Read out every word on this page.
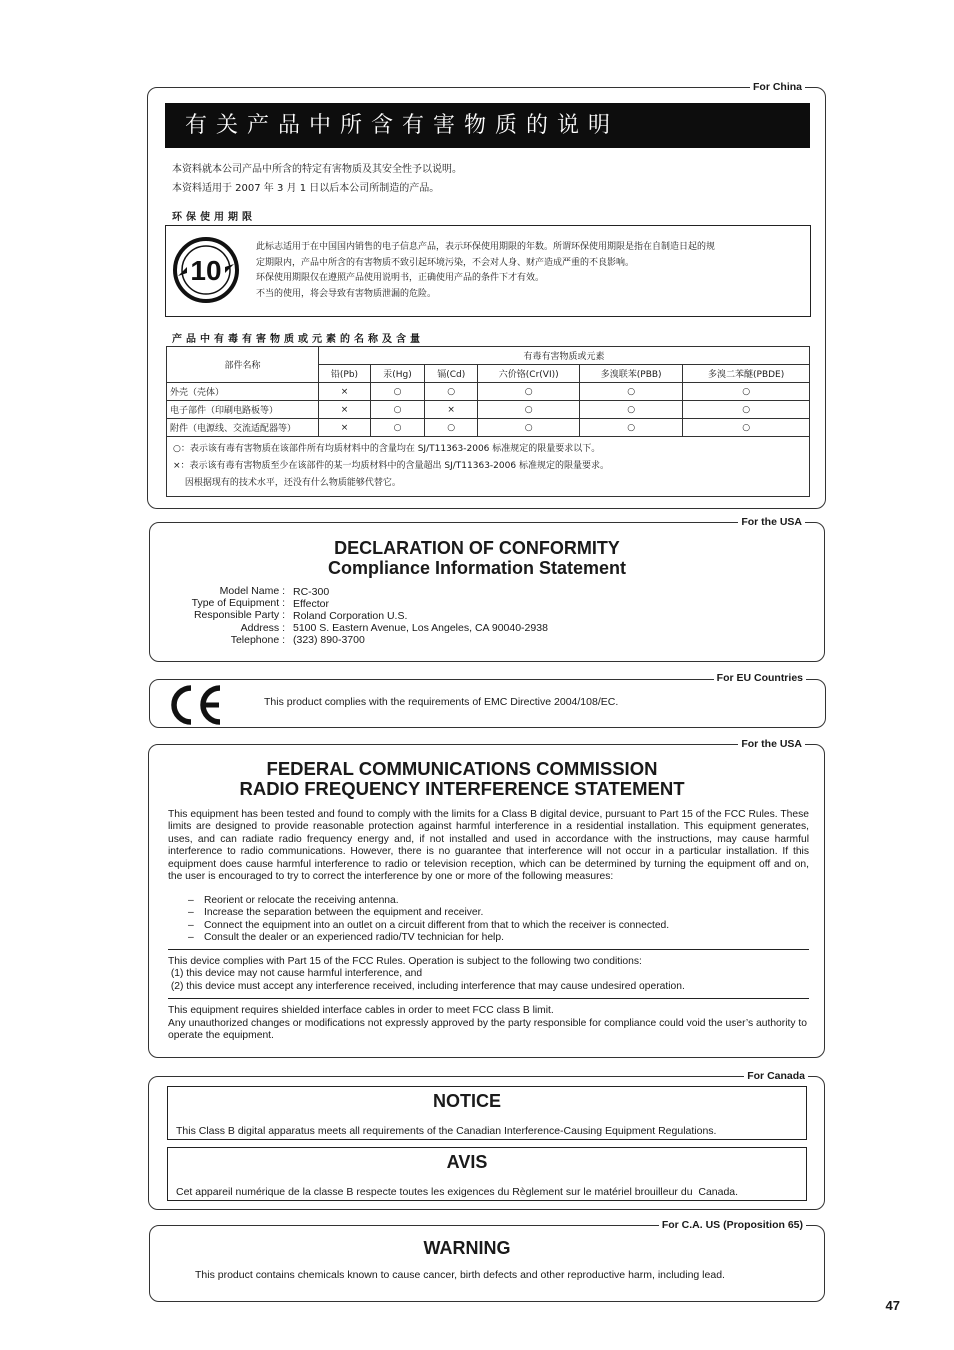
For China
有关产品中所含有害物质的说明
本资料就本公司产品中所含的特定有害物质及其安全性予以说明。
本资料适用于 2007 年 3 月 1 日以后本公司所制造的产品。
环保使用期限
10
此标志适用于在中国国内销售的电子信息产品，表示环保使用期限的年数。所谓环保使用期限是指在自制造日起的规
定期限内，产品中所含的有害物质不致引起环境污染，不会对人身、财产造成严重的不良影响。
环保使用期限仅在遵照产品使用说明书，正确使用产品的条件下才有效。
不当的使用，将会导致有害物质泄漏的危险。
产品中有毒有害物质或元素的名称及含量
部件名称	有毒有害物质或元素					
	铅(Pb)	汞(Hg)	镉(Cd)	六价铬(Cr(VI))	多溴联苯(PBB)	多溴二苯醚(PBDE)
外壳（壳体）	×	○	○	○	○	○
电子部件（印刷电路板等）	×	○	×	○	○	○
附件（电源线、交流适配器等）	×	○	○	○	○	○

○：表示该有毒有害物质在该部件所有均质材料中的含量均在 SJ/T11363-2006 标准规定的限量要求以下。
×：表示该有毒有害物质至少在该部件的某一均质材料中的含量超出 SJ/T11363-2006 标准规定的限量要求。
　 因根据现有的技术水平，还没有什么物质能够代替它。						
For the USA
DECLARATION OF CONFORMITY
Compliance Information Statement
Model Name : RC-300
Type of Equipment : Effector
Responsible Party : Roland Corporation U.S.
Address : 5100 S. Eastern Avenue, Los Angeles, CA 90040-2938
Telephone : (323) 890-3700
For EU Countries
This product complies with the requirements of EMC Directive 2004/108/EC.
For the USA
FEDERAL COMMUNICATIONS COMMISSION
RADIO FREQUENCY INTERFERENCE STATEMENT
This equipment has been tested and found to comply with the limits for a Class B digital device, pursuant to Part 15 of the FCC Rules. These limits are designed to provide reasonable protection against harmful interference in a residential installation. This equipment generates, uses, and can radiate radio frequency energy and, if not installed and used in accordance with the instructions, may cause harmful interference to radio communications. However, there is no guarantee that interference will not occur in a particular installation. If this equipment does cause harmful interference to radio or television reception, which can be determined by turning the equipment off and on, the user is encouraged to try to correct the interference by one or more of the following measures:
– Reorient or relocate the receiving antenna.
– Increase the separation between the equipment and receiver.
– Connect the equipment into an outlet on a circuit different from that to which the receiver is connected.
– Consult the dealer or an experienced radio/TV technician for help.
This device complies with Part 15 of the FCC Rules. Operation is subject to the following two conditions:
(1) this device may not cause harmful interference, and
(2) this device must accept any interference received, including interference that may cause undesired operation.
This equipment requires shielded interface cables in order to meet FCC class B limit.
Any unauthorized changes or modifications not expressly approved by the party responsible for compliance could void the user’s authority to operate the equipment.
For Canada
NOTICE
This Class B digital apparatus meets all requirements of the Canadian Interference-Causing Equipment Regulations.
AVIS
Cet appareil numérique de la classe B respecte toutes les exigences du Règlement sur le matériel brouilleur du  Canada.
For C.A. US (Proposition 65)
WARNING
This product contains chemicals known to cause cancer, birth defects and other reproductive harm, including lead.
47
